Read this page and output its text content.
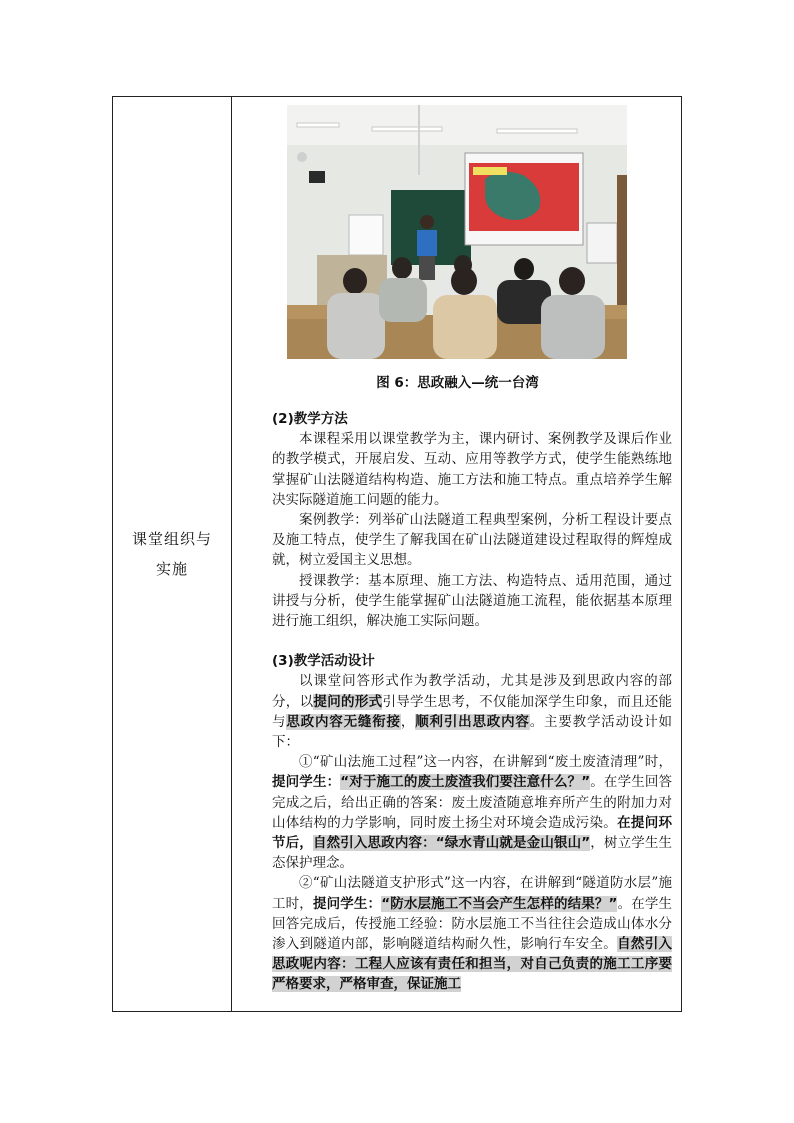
课堂组织与
实施

图 6：思政融入—统一台湾

(2)教学方法

本课程采用以课堂教学为主，课内研讨、案例教学及课后作业的教学模式，开展启发、互动、应用等教学方式，使学生能熟练地掌握矿山法隧道结构构造、施工方法和施工特点。重点培养学生解决实际隧道施工问题的能力。

案例教学：列举矿山法隧道工程典型案例，分析工程设计要点及施工特点，使学生了解我国在矿山法隧道建设过程取得的辉煌成就，树立爱国主义思想。

授课教学：基本原理、施工方法、构造特点、适用范围，通过讲授与分析，使学生能掌握矿山法隧道施工流程，能依据基本原理进行施工组织，解决施工实际问题。

(3)教学活动设计

以课堂问答形式作为教学活动，尤其是涉及到思政内容的部分，以提问的形式引导学生思考，不仅能加深学生印象，而且还能与思政内容无缝衔接，顺利引出思政内容。主要教学活动设计如下：

①“矿山法施工过程”这一内容，在讲解到“废土废渣清理”时，提问学生：“对于施工的废土废渣我们要注意什么？”。在学生回答完成之后，给出正确的答案：废土废渣随意堆弃所产生的附加力对山体结构的力学影响，同时废土扬尘对环境会造成污染。在提问环节后，自然引入思政内容：“绿水青山就是金山银山”，树立学生生态保护理念。

②“矿山法隧道支护形式”这一内容，在讲解到“隧道防水层”施工时，提问学生：“防水层施工不当会产生怎样的结果？”。在学生回答完成后，传授施工经验：防水层施工不当往往会造成山体水分渗入到隧道内部，影响隧道结构耐久性，影响行车安全。自然引入思政呢内容：工程人应该有责任和担当，对自己负责的施工工序要严格要求，严格审查，保证施工
